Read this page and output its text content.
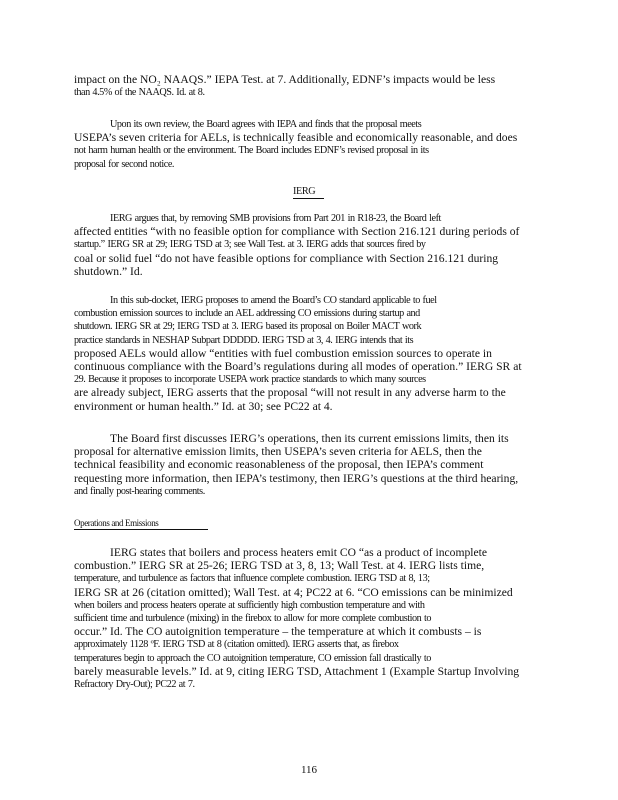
impact on the NO₂ NAAQS.” IEPA Test. at 7. Additionally, EDNF’s impacts would be less
than 4.5% of the NAAQS. Id. at 8.
Upon its own review, the Board agrees with IEPA and finds that the proposal meets
USEPA’s seven criteria for AELs, is technically feasible and economically reasonable, and does
not harm human health or the environment. The Board includes EDNF’s revised proposal in its
proposal for second notice.
IERG
IERG argues that, by removing SMB provisions from Part 201 in R18-23, the Board left
affected entities “with no feasible option for compliance with Section 216.121 during periods of
startup.” IERG SR at 29; IERG TSD at 3; see Wall Test. at 3. IERG adds that sources fired by
coal or solid fuel “do not have feasible options for compliance with Section 216.121 during
shutdown.” Id.
In this sub-docket, IERG proposes to amend the Board’s CO standard applicable to fuel
combustion emission sources to include an AEL addressing CO emissions during startup and
shutdown. IERG SR at 29; IERG TSD at 3. IERG based its proposal on Boiler MACT work
practice standards in NESHAP Subpart DDDDD. IERG TSD at 3, 4. IERG intends that its
proposed AELs would allow “entities with fuel combustion emission sources to operate in
continuous compliance with the Board’s regulations during all modes of operation.” IERG SR at
29. Because it proposes to incorporate USEPA work practice standards to which many sources
are already subject, IERG asserts that the proposal “will not result in any adverse harm to the
environment or human health.” Id. at 30; see PC22 at 4.
The Board first discusses IERG’s operations, then its current emissions limits, then its
proposal for alternative emission limits, then USEPA’s seven criteria for AELS, then the
technical feasibility and economic reasonableness of the proposal, then IEPA’s comment
requesting more information, then IEPA’s testimony, then IERG’s questions at the third hearing,
and finally post-hearing comments.
Operations and Emissions
IERG states that boilers and process heaters emit CO “as a product of incomplete
combustion.” IERG SR at 25-26; IERG TSD at 3, 8, 13; Wall Test. at 4. IERG lists time,
temperature, and turbulence as factors that influence complete combustion. IERG TSD at 8, 13;
IERG SR at 26 (citation omitted); Wall Test. at 4; PC22 at 6. “CO emissions can be minimized
when boilers and process heaters operate at sufficiently high combustion temperature and with
sufficient time and turbulence (mixing) in the firebox to allow for more complete combustion to
occur.” Id. The CO autoignition temperature – the temperature at which it combusts – is
approximately 1128 ºF. IERG TSD at 8 (citation omitted). IERG asserts that, as firebox
temperatures begin to approach the CO autoignition temperature, CO emission fall drastically to
barely measurable levels.” Id. at 9, citing IERG TSD, Attachment 1 (Example Startup Involving
Refractory Dry-Out); PC22 at 7.
116
